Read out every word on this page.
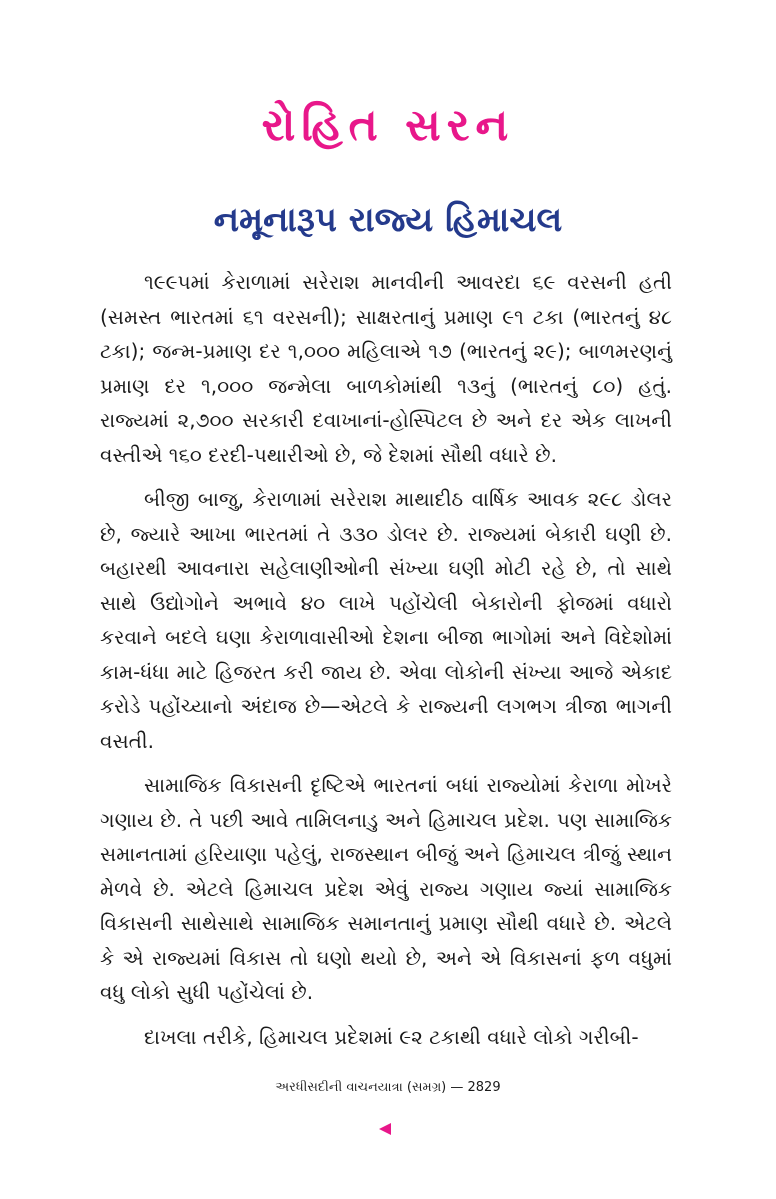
રોહિત સરન
નમૂનારૂપ રાજ્ય હિમાચલ

૧૯૯૫માં કેરાળામાં સરેરાશ માનવીની આવરદા ૬૯ વરસની હતી (સમસ્ત ભારતમાં ૬૧ વરસની); સાક્ષરતાનું પ્રમાણ ૯૧ ટકા (ભારતનું ૪૮ ટકા); જન્મ-પ્રમાણ દર ૧,૦૦૦ મહિલાએ ૧૭ (ભારતનું ૨૯); બાળમરણનું પ્રમાણ દર ૧,૦૦૦ જન્મેલા બાળકોમાંથી ૧૩નું (ભારતનું ૮૦) હતું. રાજ્યમાં ૨,૭૦૦ સરકારી દવાખાનાં-હોસ્પિટલ છે અને દર એક લાખની વસ્તીએ ૧૬૦ દરદી-પથારીઓ છે, જે દેશમાં સૌથી વધારે છે.

બીજી બાજુ, કેરાળામાં સરેરાશ માથાદીઠ વાર્ષિક આવક ૨૯૮ ડોલર છે, જ્યારે આખા ભારતમાં તે ૩૩૦ ડોલર છે. રાજ્યમાં બેકારી ઘણી છે. બહારથી આવનારા સહેલાણીઓની સંખ્યા ઘણી મોટી રહે છે, તો સાથે સાથે ઉદ્યોગોને અભાવે ૪૦ લાખે પહોંચેલી બેકારોની ફોજમાં વધારો કરવાને બદલે ઘણા કેરાળાવાસીઓ દેશના બીજા ભાગોમાં અને વિદેશોમાં કામ-ધંધા માટે હિજરત કરી જાય છે. એવા લોકોની સંખ્યા આજે એકાદ કરોડે પહોંચ્યાનો અંદાજ છે—એટલે કે રાજ્યની લગભગ ત્રીજા ભાગની વસતી.

સામાજિક વિકાસની દૃષ્ટિએ ભારતનાં બધાં રાજ્યોમાં કેરાળા મોખરે ગણાય છે. તે પછી આવે તામિલનાડુ અને હિમાચલ પ્રદેશ. પણ સામાજિક સમાનતામાં હરિયાણા પહેલું, રાજસ્થાન બીજું અને હિમાચલ ત્રીજું સ્થાન મેળવે છે. એટલે હિમાચલ પ્રદેશ એવું રાજ્ય ગણાય જ્યાં સામાજિક વિકાસની સાથેસાથે સામાજિક સમાનતાનું પ્રમાણ સૌથી વધારે છે. એટલે કે એ રાજ્યમાં વિકાસ તો ઘણો થયો છે, અને એ વિકાસનાં ફળ વધુમાં વધુ લોકો સુધી પહોંચેલાં છે.

દાખલા તરીકે, હિમાચલ પ્રદેશમાં ૯૨ ટકાથી વધારે લોકો ગરીબી-

અરધીસદીની વાચનયાત્રા (સમગ્ર) — 2829
